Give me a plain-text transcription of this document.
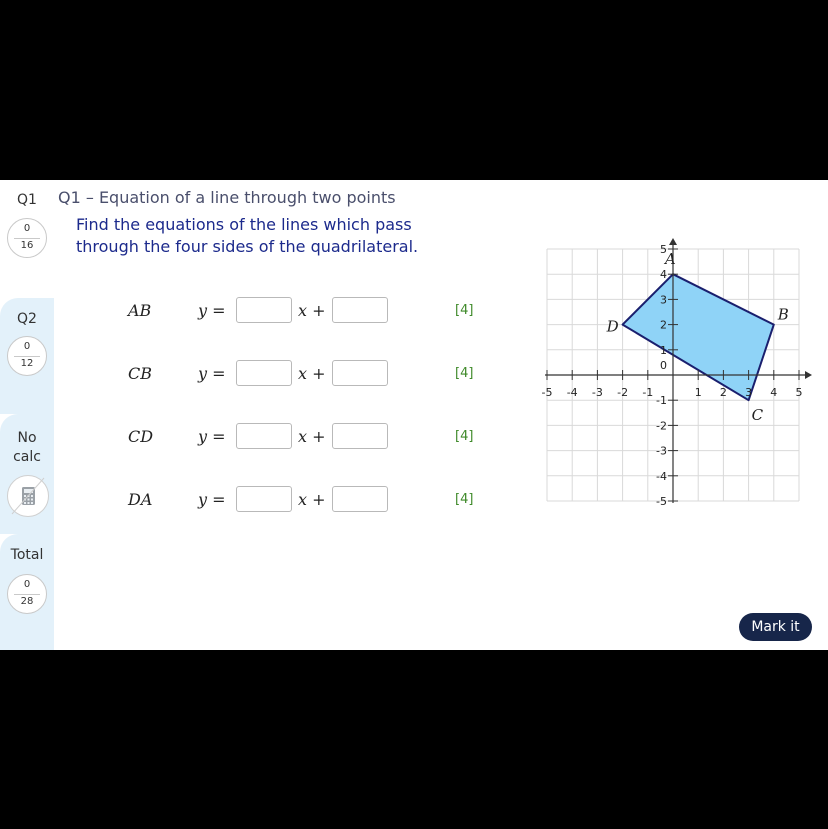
Q1
0
16
Q2
0
12
No
calc
Total
0
28
Q1 – Equation of a line through two points
Find the equations of the lines which pass through the four sides of the quadrilateral.
AB	y =	x +	[4]
CB	y =	x +	[4]
CD	y =	x +	[4]
DA	y =	x +	[4]
-5 -4 -3 -2 -1	1 2 3 4 5
5
4
3
2
1
-1
-2
-3
-4
-5
0
A
B
C
D
Mark it
